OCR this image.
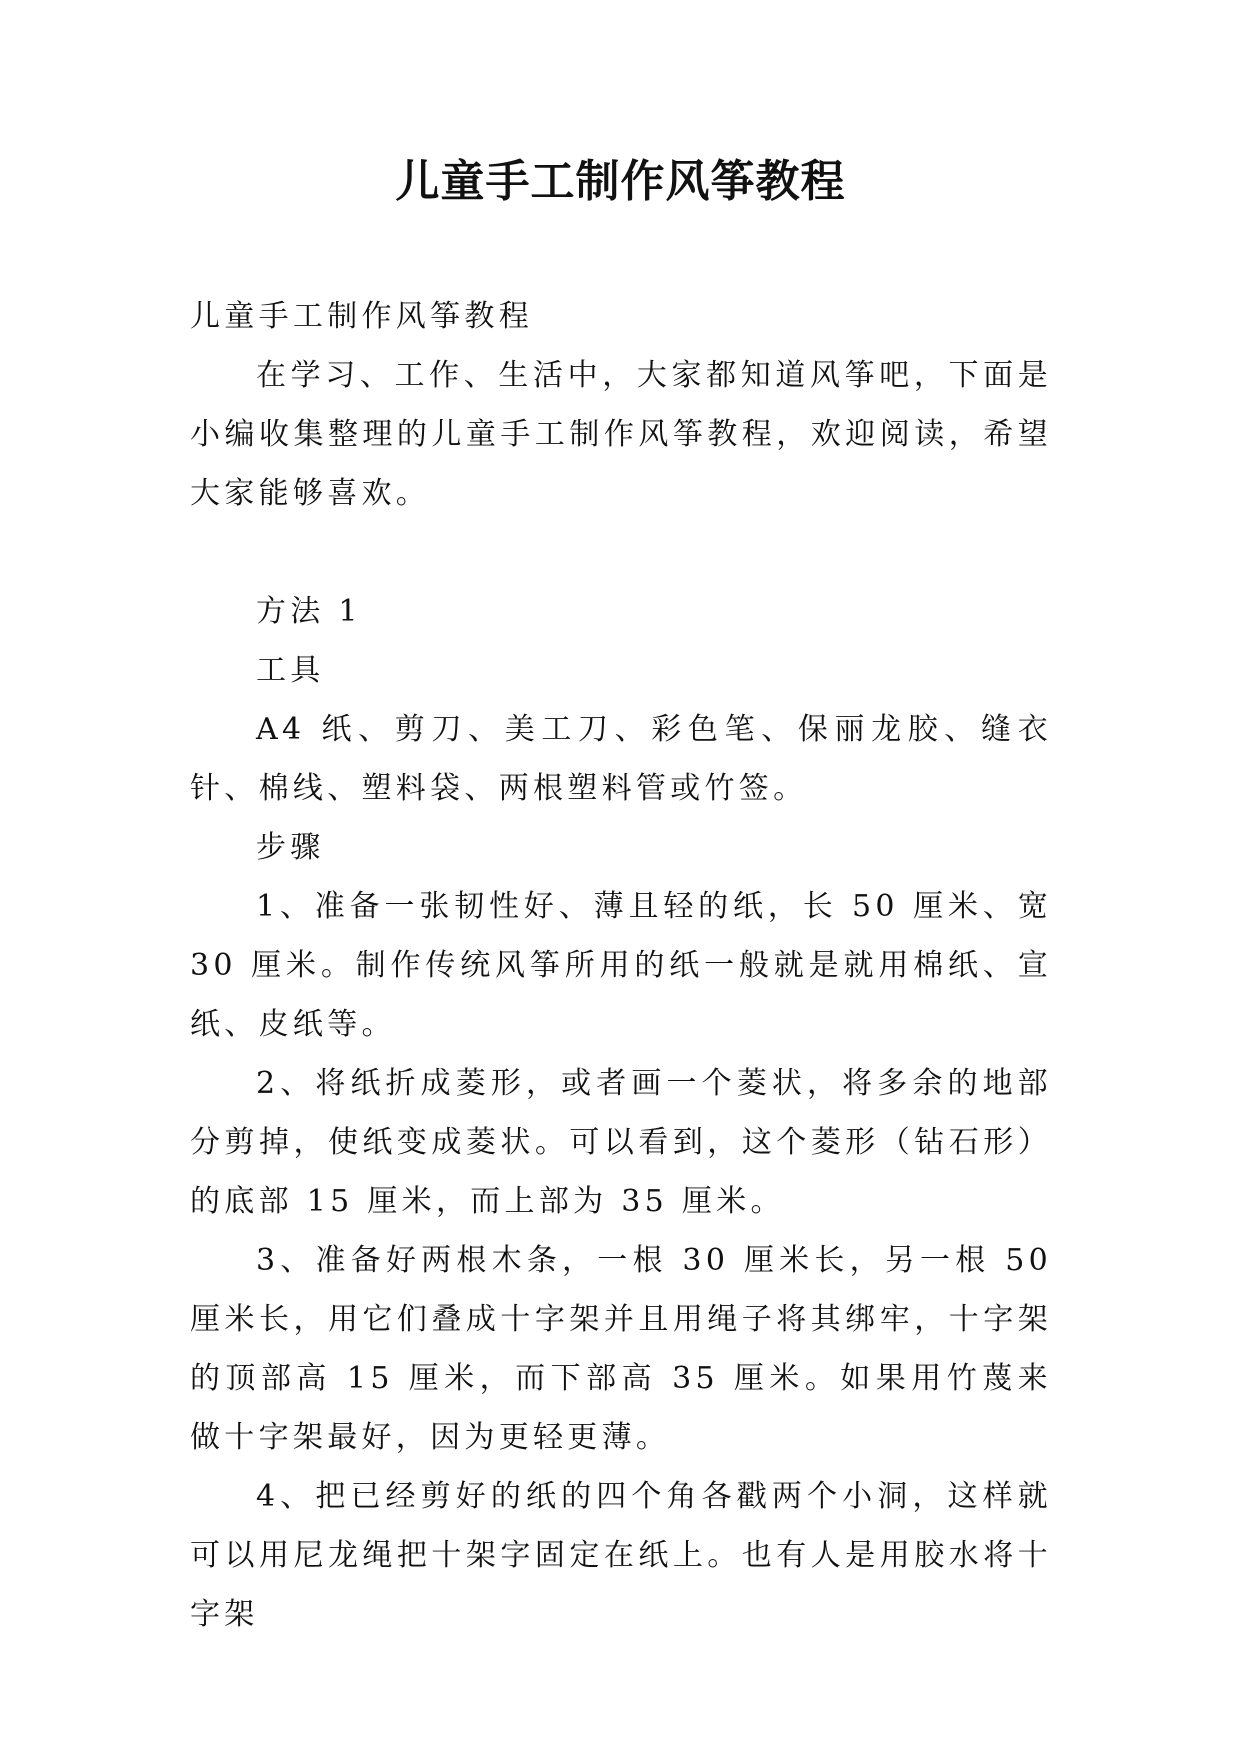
儿童手工制作风筝教程

儿童手工制作风筝教程

在学习、工作、生活中，大家都知道风筝吧，下面是小编收集整理的儿童手工制作风筝教程，欢迎阅读，希望大家能够喜欢。

方法 1

工具

A4 纸、剪刀、美工刀、彩色笔、保丽龙胶、缝衣针、棉线、塑料袋、两根塑料管或竹签。

步骤

1、准备一张韧性好、薄且轻的纸，长 50 厘米、宽 30 厘米。制作传统风筝所用的纸一般就是就用棉纸、宣纸、皮纸等。

2、将纸折成菱形，或者画一个菱状，将多余的地部分剪掉，使纸变成菱状。可以看到，这个菱形（钻石形）的底部 15 厘米，而上部为 35 厘米。

3、准备好两根木条，一根 30 厘米长，另一根 50 厘米长，用它们叠成十字架并且用绳子将其绑牢，十字架的顶部高 15 厘米，而下部高 35 厘米。如果用竹蔑来做十字架最好，因为更轻更薄。

4、把已经剪好的纸的四个角各戳两个小洞，这样就可以用尼龙绳把十架字固定在纸上。也有人是用胶水将十字架
